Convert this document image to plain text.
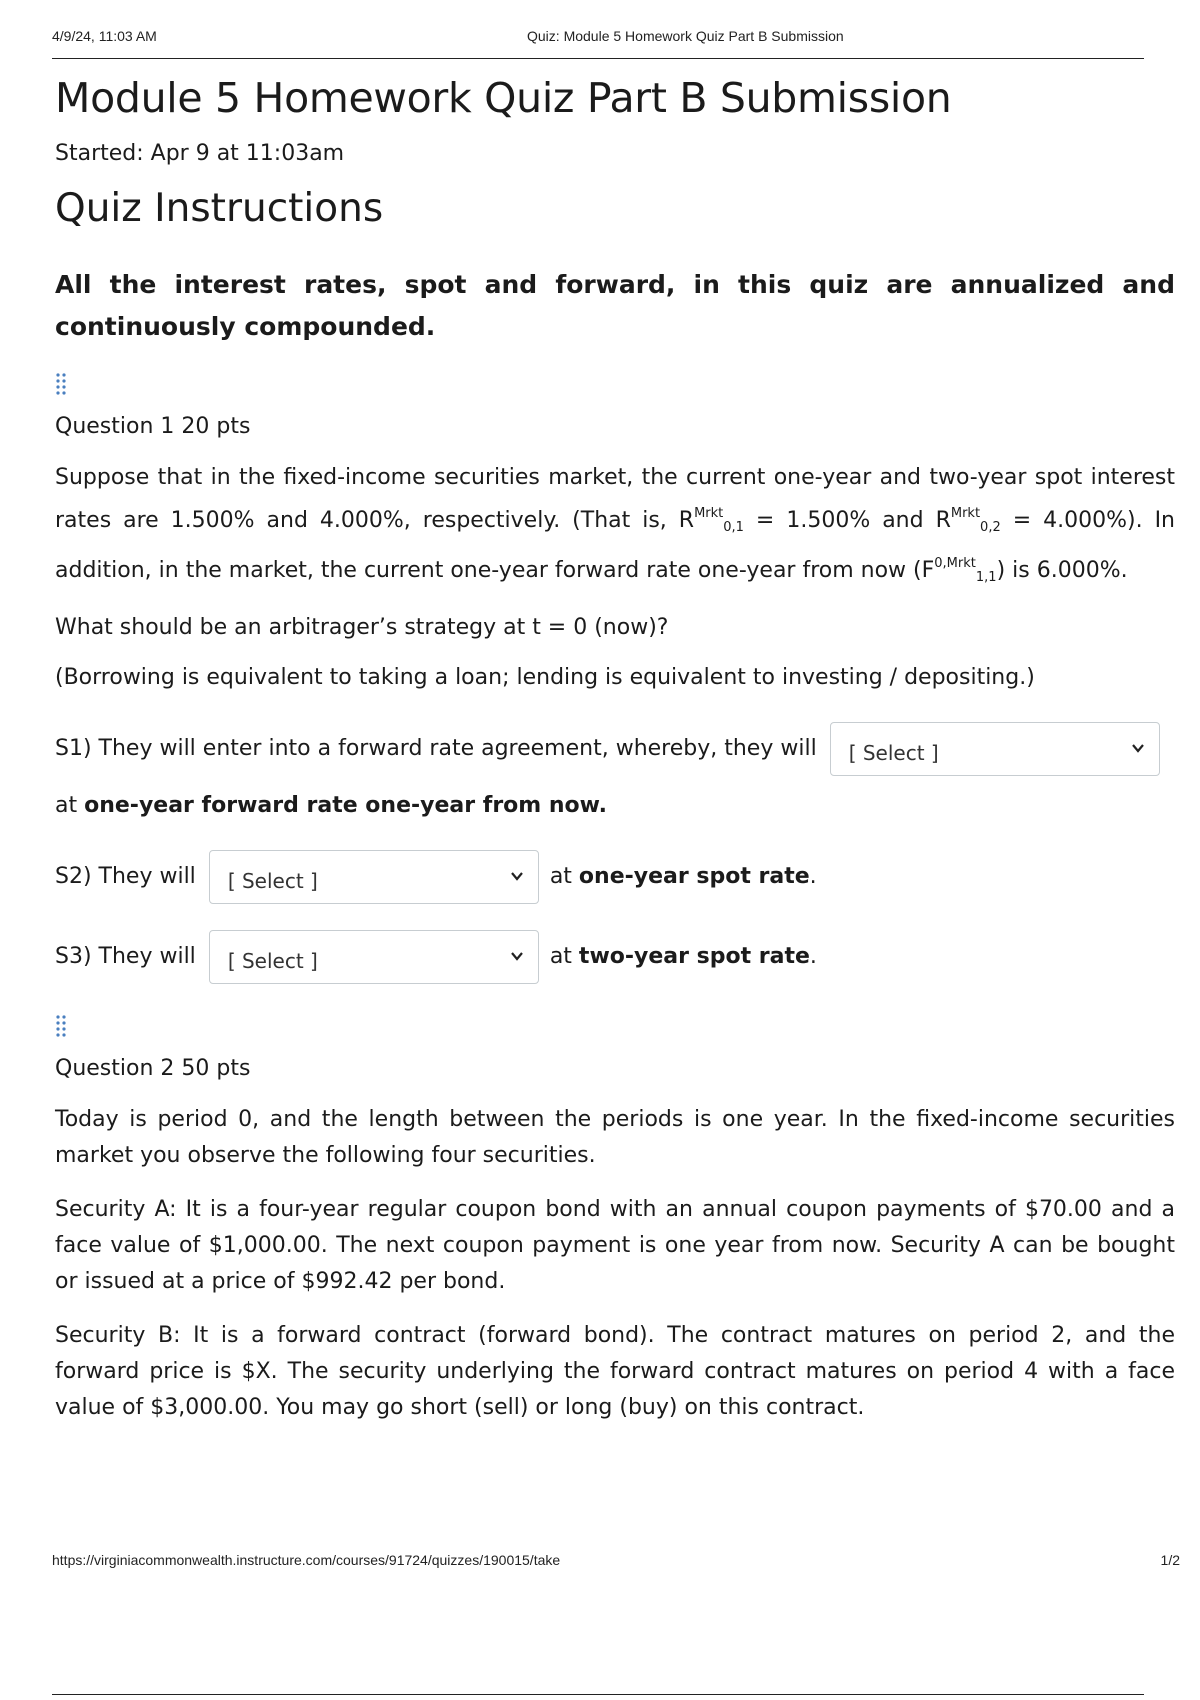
4/9/24, 11:03 AM	Quiz: Module 5 Homework Quiz Part B Submission
Module 5 Homework Quiz Part B Submission
Started: Apr 9 at 11:03am
Quiz Instructions
All the interest rates, spot and forward, in this quiz are annualized and continuously compounded.
Question 1 20 pts
Suppose that in the fixed-income securities market, the current one-year and two-year spot interest rates are 1.500% and 4.000%, respectively. (That is, $R^{Mrkt}_{0,1} = 1.500\%$ and $R^{Mrkt}_{0,2} = 4.000\%$). In addition, in the market, the current one-year forward rate one-year from now $(F^{0,Mrkt}_{1,1})$ is 6.000%.
What should be an arbitrager’s strategy at t = 0 (now)?
(Borrowing is equivalent to taking a loan; lending is equivalent to investing / depositing.)
S1) They will enter into a forward rate agreement, whereby, they will [ Select ]
at one-year forward rate one-year from now.
S2) They will [ Select ]	at one-year spot rate.
S3) They will [ Select ]	at two-year spot rate.
Question 2 50 pts
Today is period 0, and the length between the periods is one year. In the fixed-income securities market you observe the following four securities.
Security A: It is a four-year regular coupon bond with an annual coupon payments of $70.00 and a face value of $1,000.00. The next coupon payment is one year from now. Security A can be bought or issued at a price of $992.42 per bond.
Security B: It is a forward contract (forward bond). The contract matures on period 2, and the forward price is $X. The security underlying the forward contract matures on period 4 with a face value of $3,000.00. You may go short (sell) or long (buy) on this contract.
https://virginiacommonwealth.instructure.com/courses/91724/quizzes/190015/take	1/2
